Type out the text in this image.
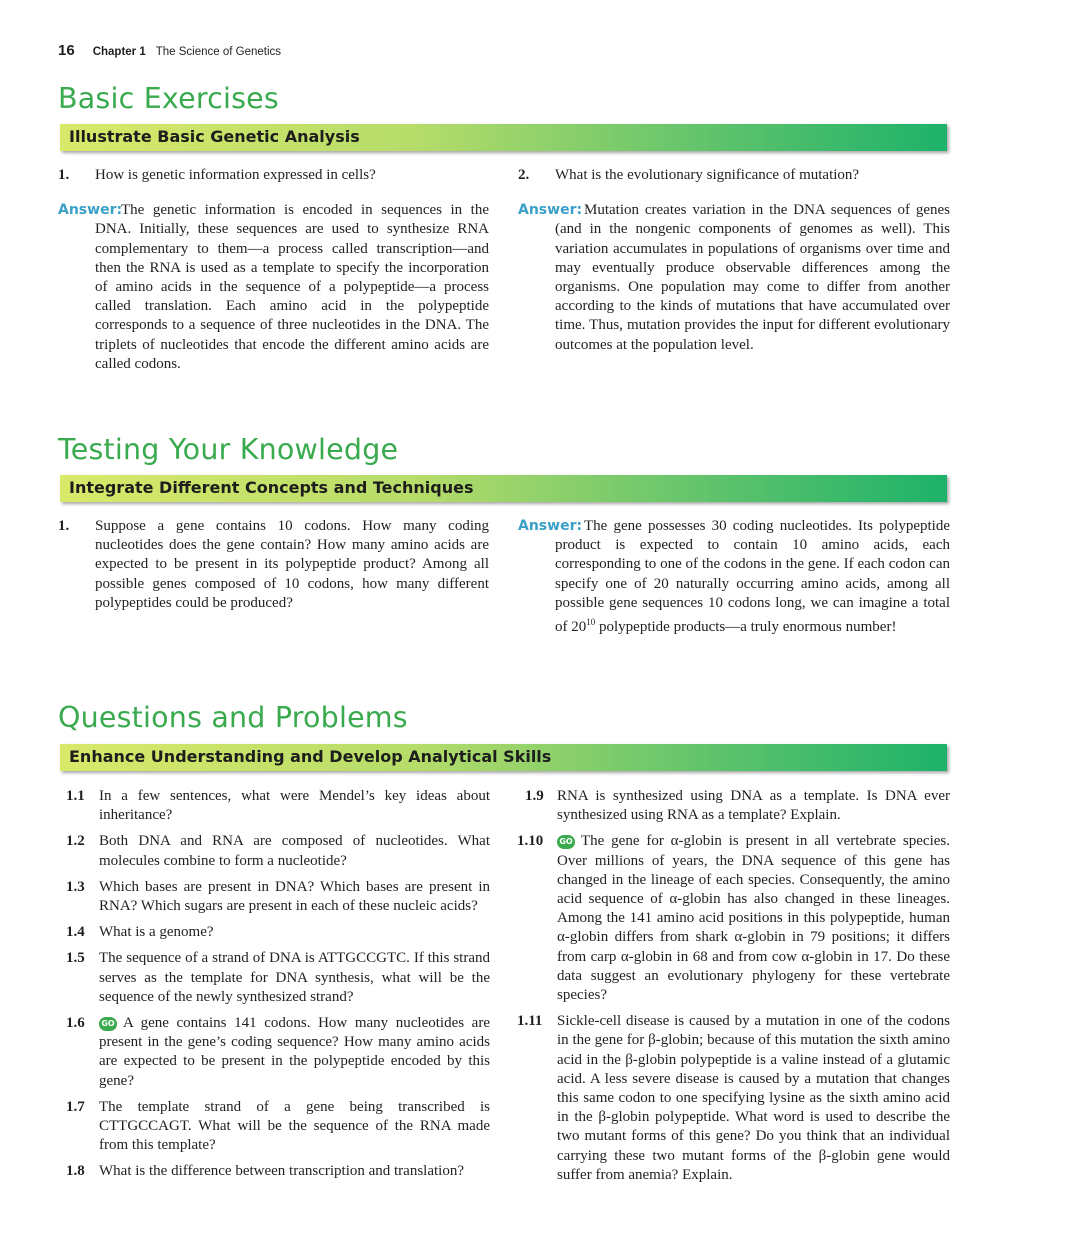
16 Chapter 1 The Science of Genetics
Basic Exercises
Illustrate Basic Genetic Analysis
1. How is genetic information expressed in cells?
Answer:
The genetic information is encoded in sequences in the DNA. Initially, these sequences are used to synthesize RNA complementary to them—a process called transcription—and then the RNA is used as a template to specify the incorporation of amino acids in the sequence of a polypeptide—a process called translation. Each amino acid in the polypeptide corresponds to a sequence of three nucleotides in the DNA. The triplets of nucleotides that encode the different amino acids are called codons.
2. What is the evolutionary significance of mutation?
Answer: Mutation creates variation in the DNA sequences of genes (and in the nongenic components of genomes as well). This variation accumulates in populations of organisms over time and may eventually produce observable differences among the organisms. One population may come to differ from another according to the kinds of mutations that have accumulated over time. Thus, mutation provides the input for different evolutionary outcomes at the population level.
Testing Your Knowledge
Integrate Different Concepts and Techniques
1. Suppose a gene contains 10 codons. How many coding nucleotides does the gene contain? How many amino acids are expected to be present in its polypeptide product? Among all possible genes composed of 10 codons, how many different polypeptides could be produced?
Answer: The gene possesses 30 coding nucleotides. Its polypeptide product is expected to contain 10 amino acids, each corresponding to one of the codons in the gene. If each codon can specify one of 20 naturally occurring amino acids, among all possible gene sequences 10 codons long, we can imagine a total of $20^{10}$ polypeptide products—a truly enormous number!
Questions and Problems
Enhance Understanding and Develop Analytical Skills
1.1 In a few sentences, what were Mendel’s key ideas about inheritance?
1.2 Both DNA and RNA are composed of nucleotides. What molecules combine to form a nucleotide?
1.3 Which bases are present in DNA? Which bases are present in RNA? Which sugars are present in each of these nucleic acids?
1.4 What is a genome?
1.5 The sequence of a strand of DNA is ATTGCCGTC. If this strand serves as the template for DNA synthesis, what will be the sequence of the newly synthesized strand?
1.6 GO A gene contains 141 codons. How many nucleotides are present in the gene’s coding sequence? How many amino acids are expected to be present in the polypeptide encoded by this gene?
1.7 The template strand of a gene being transcribed is CTTGCCAGT. What will be the sequence of the RNA made from this template?
1.8 What is the difference between transcription and translation?
1.9 RNA is synthesized using DNA as a template. Is DNA ever synthesized using RNA as a template? Explain.
1.10 GO The gene for α-globin is present in all vertebrate species. Over millions of years, the DNA sequence of this gene has changed in the lineage of each species. Consequently, the amino acid sequence of α-globin has also changed in these lineages. Among the 141 amino acid positions in this polypeptide, human α-globin differs from shark α-globin in 79 positions; it differs from carp α-globin in 68 and from cow α-globin in 17. Do these data suggest an evolutionary phylogeny for these vertebrate species?
1.11 Sickle-cell disease is caused by a mutation in one of the codons in the gene for β-globin; because of this mutation the sixth amino acid in the β-globin polypeptide is a valine instead of a glutamic acid. A less severe disease is caused by a mutation that changes this same codon to one specifying lysine as the sixth amino acid in the β-globin polypeptide. What word is used to describe the two mutant forms of this gene? Do you think that an individual carrying these two mutant forms of the β-globin gene would suffer from anemia? Explain.
